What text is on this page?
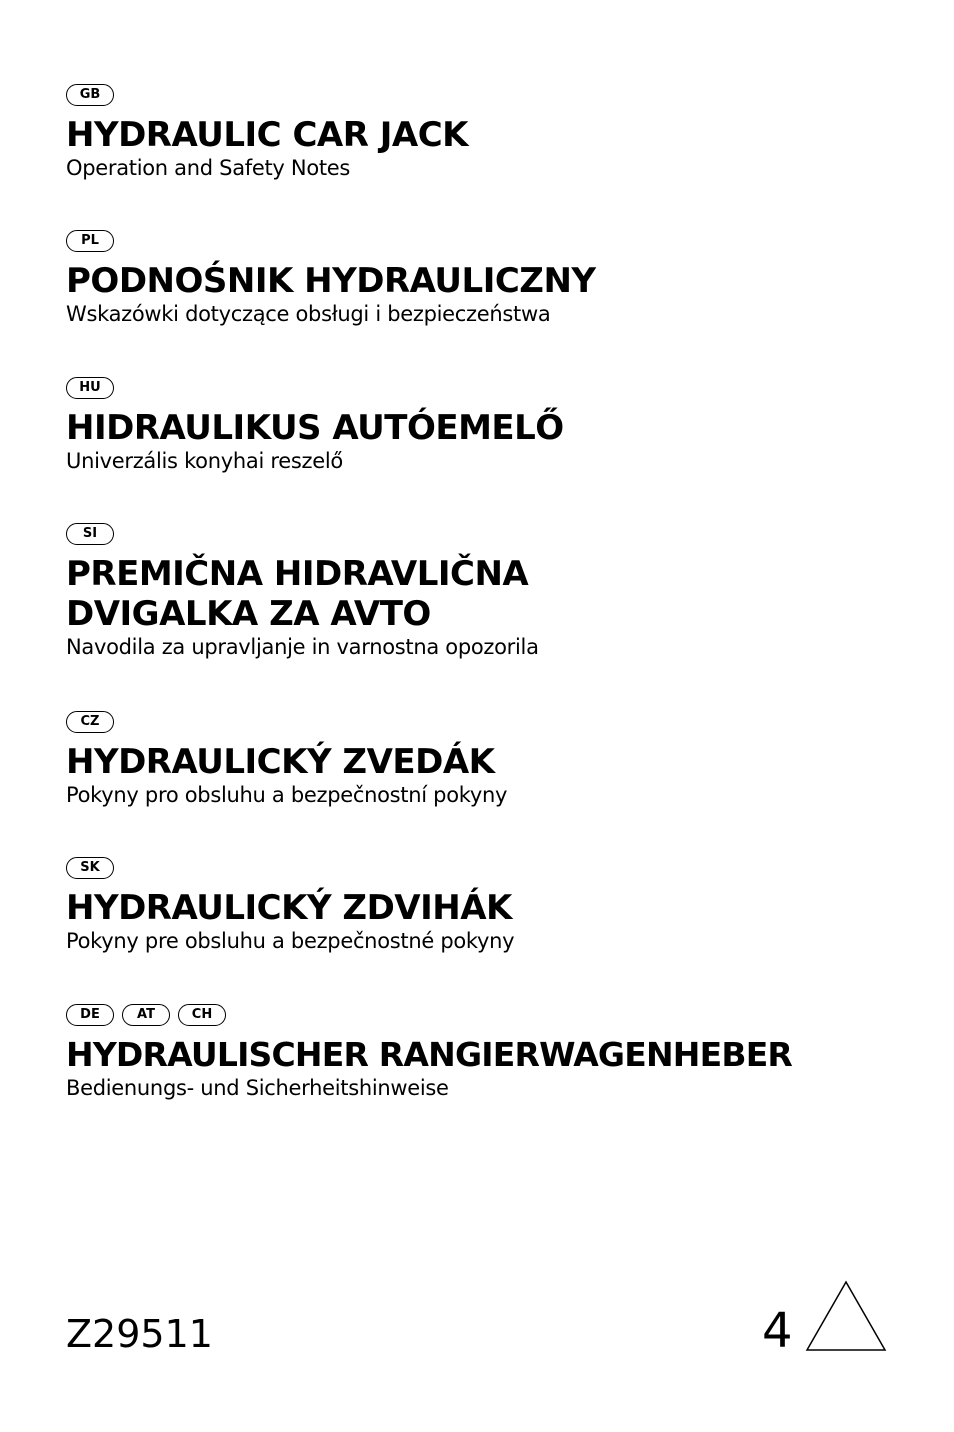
GB
HYDRAULIC CAR JACK
Operation and Safety Notes
PL
PODNOŚNIK HYDRAULICZNY
Wskazówki dotyczące obsługi i bezpieczeństwa
HU
HIDRAULIKUS AUTÓEMELŐ
Univerzális konyhai reszelő
SI
PREMIČNA HIDRAVLIČNA
DVIGALKA ZA AVTO
Navodila za upravljanje in varnostna opozorila
CZ
HYDRAULICKÝ ZVEDÁK
Pokyny pro obsluhu a bezpečnostní pokyny
SK
HYDRAULICKÝ ZDVIHÁK
Pokyny pre obsluhu a bezpečnostné pokyny
DE	AT	CH
HYDRAULISCHER RANGIERWAGENHEBER
Bedienungs- und Sicherheitshinweise
Z29511	4
